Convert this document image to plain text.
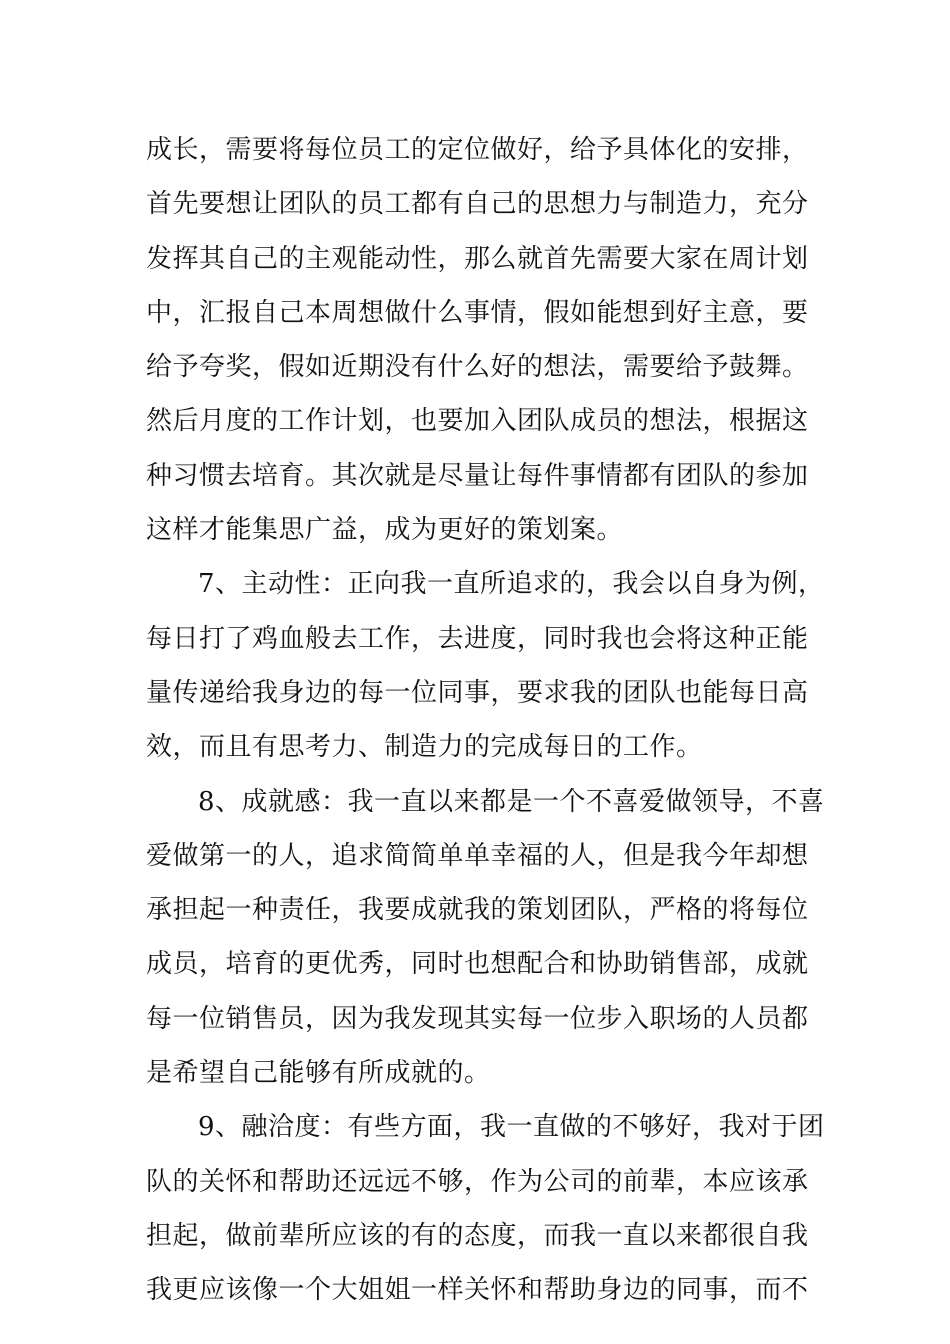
成长，需要将每位员工的定位做好，给予具体化的安排，
首先要想让团队的员工都有自己的思想力与制造力，充分
发挥其自己的主观能动性，那么就首先需要大家在周计划
中，汇报自己本周想做什么事情，假如能想到好主意，要
给予夸奖，假如近期没有什么好的想法，需要给予鼓舞。
然后月度的工作计划，也要加入团队成员的想法，根据这
种习惯去培育。其次就是尽量让每件事情都有团队的参加
这样才能集思广益，成为更好的策划案。
7、主动性：正向我一直所追求的，我会以自身为例，
每日打了鸡血般去工作，去进度，同时我也会将这种正能
量传递给我身边的每一位同事，要求我的团队也能每日高
效，而且有思考力、制造力的完成每日的工作。
8、成就感：我一直以来都是一个不喜爱做领导，不喜
爱做第一的人，追求简简单单幸福的人，但是我今年却想
承担起一种责任，我要成就我的策划团队，严格的将每位
成员，培育的更优秀，同时也想配合和协助销售部，成就
每一位销售员，因为我发现其实每一位步入职场的人员都
是希望自己能够有所成就的。
9、融洽度：有些方面，我一直做的不够好，我对于团
队的关怀和帮助还远远不够，作为公司的前辈，本应该承
担起，做前辈所应该的有的态度，而我一直以来都很自我
我更应该像一个大姐姐一样关怀和帮助身边的同事，而不
